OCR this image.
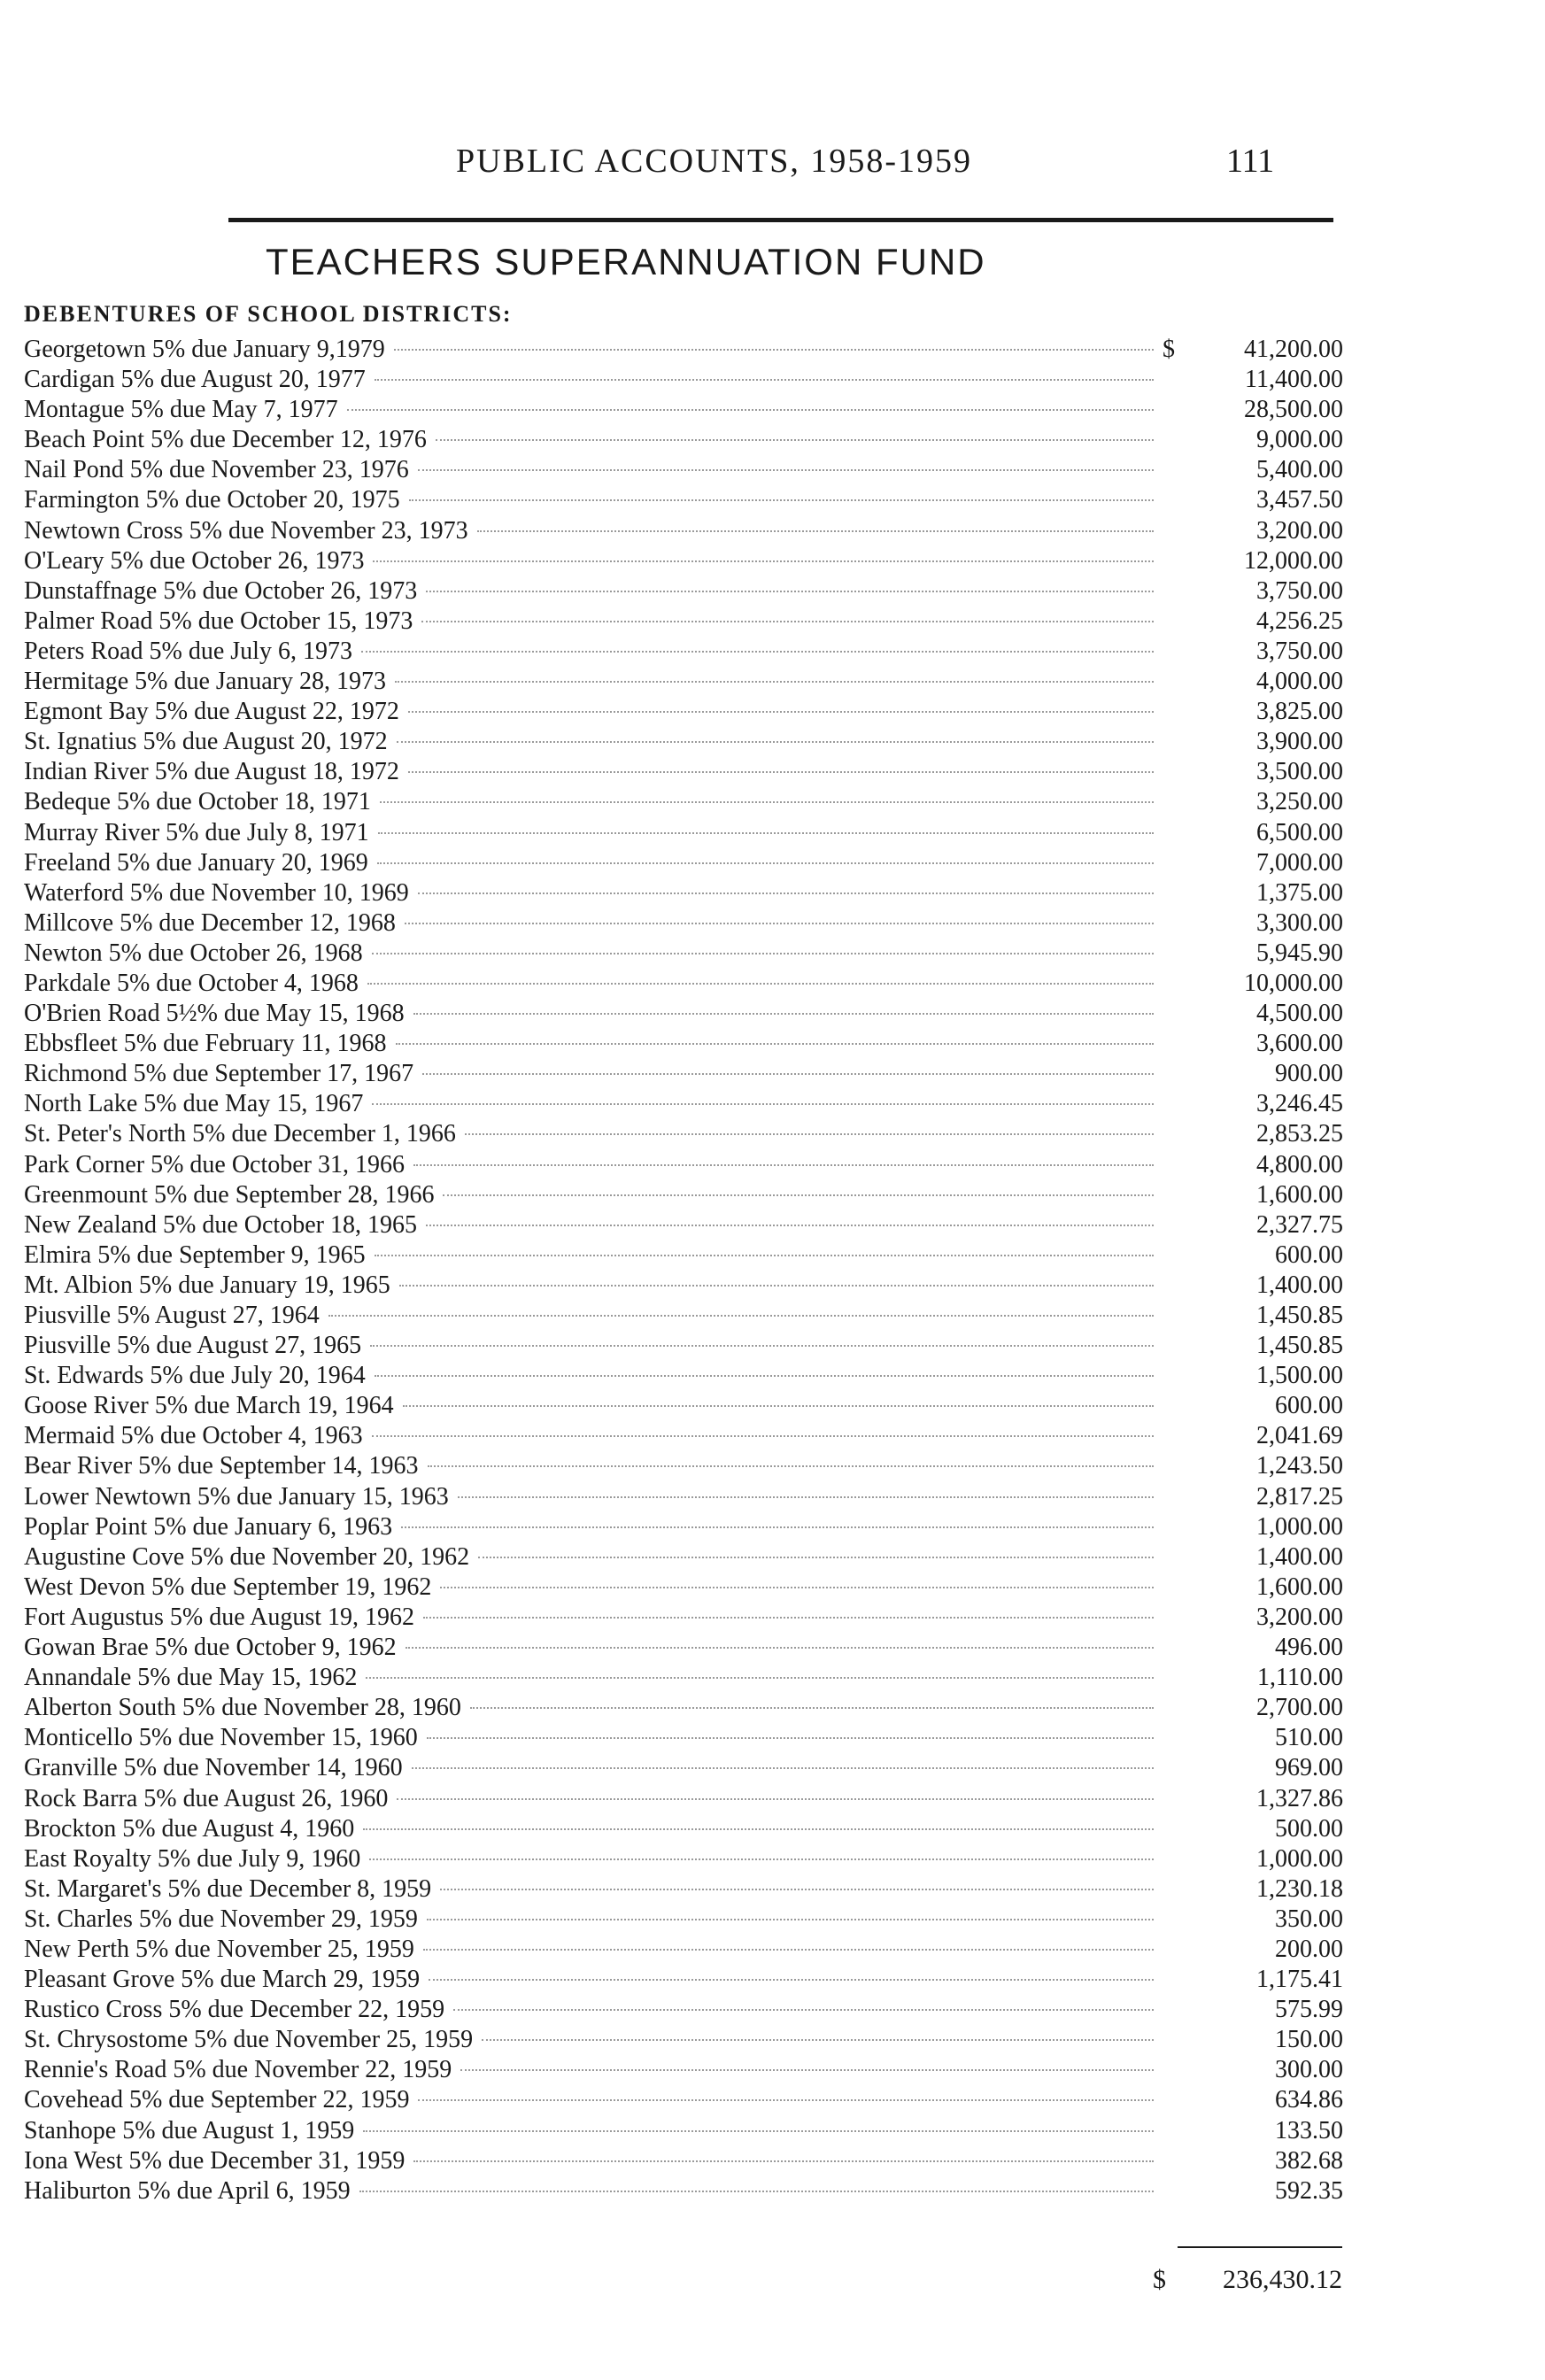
PUBLIC ACCOUNTS, 1958-1959	111
TEACHERS SUPERANNUATION FUND
DEBENTURES OF SCHOOL DISTRICTS:
Georgetown 5% due January 9,1979	$	41,200.00
Cardigan 5% due August 20, 1977	11,400.00
Montague 5% due May 7, 1977	28,500.00
Beach Point 5% due December 12, 1976	9,000.00
Nail Pond 5% due November 23, 1976	5,400.00
Farmington 5% due October 20, 1975	3,457.50
Newtown Cross 5% due November 23, 1973	3,200.00
O'Leary 5% due October 26, 1973	12,000.00
Dunstaffnage 5% due October 26, 1973	3,750.00
Palmer Road 5% due October 15, 1973	4,256.25
Peters Road 5% due July 6, 1973	3,750.00
Hermitage 5% due January 28, 1973	4,000.00
Egmont Bay 5% due August 22, 1972	3,825.00
St. Ignatius 5% due August 20, 1972	3,900.00
Indian River 5% due August 18, 1972	3,500.00
Bedeque 5% due October 18, 1971	3,250.00
Murray River 5% due July 8, 1971	6,500.00
Freeland 5% due January 20, 1969	7,000.00
Waterford 5% due November 10, 1969	1,375.00
Millcove 5% due December 12, 1968	3,300.00
Newton 5% due October 26, 1968	5,945.90
Parkdale 5% due October 4, 1968	10,000.00
O'Brien Road 5½% due May 15, 1968	4,500.00
Ebbsfleet 5% due February 11, 1968	3,600.00
Richmond 5% due September 17, 1967	900.00
North Lake 5% due May 15, 1967	3,246.45
St. Peter's North 5% due December 1, 1966	2,853.25
Park Corner 5% due October 31, 1966	4,800.00
Greenmount 5% due September 28, 1966	1,600.00
New Zealand 5% due October 18, 1965	2,327.75
Elmira 5% due September 9, 1965	600.00
Mt. Albion 5% due January 19, 1965	1,400.00
Piusville 5% August 27, 1964	1,450.85
Piusville 5% due August 27, 1965	1,450.85
St. Edwards 5% due July 20, 1964	1,500.00
Goose River 5% due March 19, 1964	600.00
Mermaid 5% due October 4, 1963	2,041.69
Bear River 5% due September 14, 1963	1,243.50
Lower Newtown 5% due January 15, 1963	2,817.25
Poplar Point 5% due January 6, 1963	1,000.00
Augustine Cove 5% due November 20, 1962	1,400.00
West Devon 5% due September 19, 1962	1,600.00
Fort Augustus 5% due August 19, 1962	3,200.00
Gowan Brae 5% due October 9, 1962	496.00
Annandale 5% due May 15, 1962	1,110.00
Alberton South 5% due November 28, 1960	2,700.00
Monticello 5% due November 15, 1960	510.00
Granville 5% due November 14, 1960	969.00
Rock Barra 5% due August 26, 1960	1,327.86
Brockton 5% due August 4, 1960	500.00
East Royalty 5% due July 9, 1960	1,000.00
St. Margaret's 5% due December 8, 1959	1,230.18
St. Charles 5% due November 29, 1959	350.00
New Perth 5% due November 25, 1959	200.00
Pleasant Grove 5% due March 29, 1959	1,175.41
Rustico Cross 5% due December 22, 1959	575.99
St. Chrysostome 5% due November 25, 1959	150.00
Rennie's Road 5% due November 22, 1959	300.00
Covehead 5% due September 22, 1959	634.86
Stanhope 5% due August 1, 1959	133.50
Iona West 5% due December 31, 1959	382.68
Haliburton 5% due April 6, 1959	592.35
$	236,430.12
